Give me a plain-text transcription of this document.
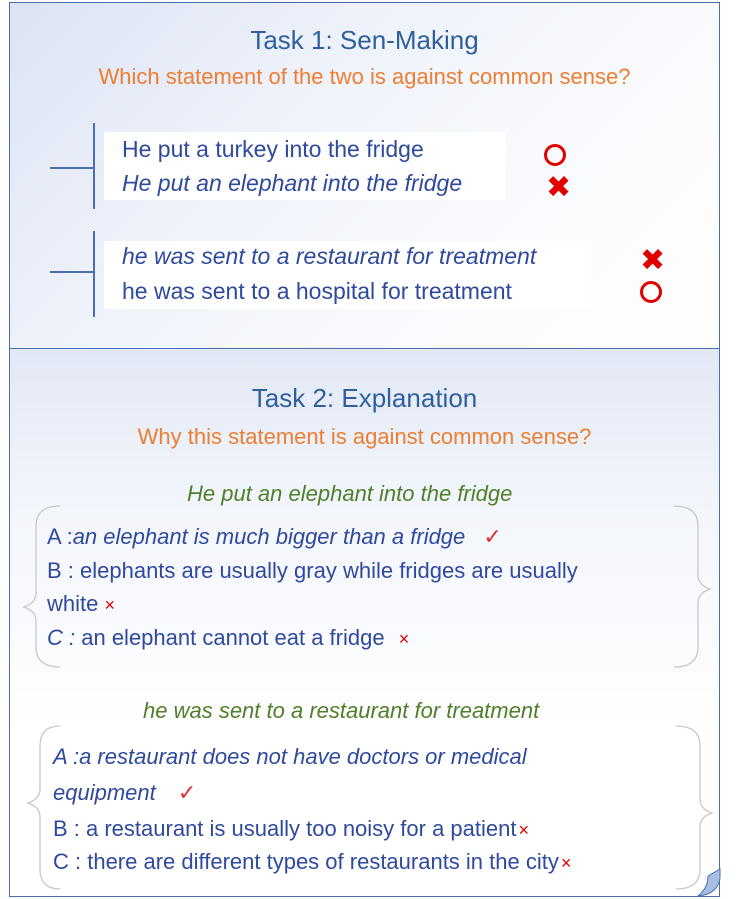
Task 1: Sen-Making
Which statement of the two is against common sense?
He put a turkey into the fridge
He put an elephant into the fridge	✖
he was sent to a restaurant for treatment
he was sent to a hospital for treatment
✖
Task 2: Explanation
Why this statement is against common sense?
He put an elephant into the fridge
A :an elephant is much bigger than a fridge ✓
B : elephants are usually gray while fridges are usually
white ×
C : an elephant cannot eat a fridge ×
he was sent to a restaurant for treatment
A :a restaurant does not have doctors or medical
equipment ✓
B : a restaurant is usually too noisy for a patient ×
C : there are different types of restaurants in the city ×
